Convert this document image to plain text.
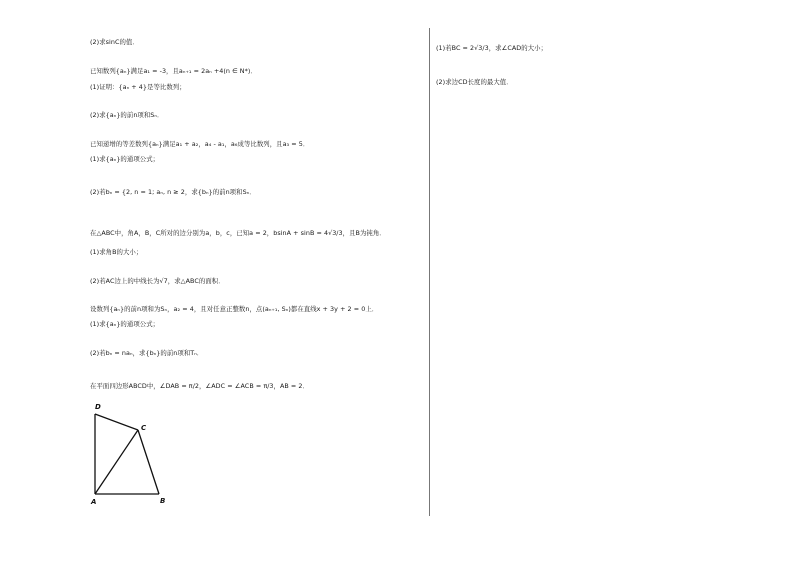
(2)求sinC的值．
已知数列{aₙ}满足a₁ = -3，且aₙ₊₁ = 2aₙ +4(n ∈ N*)．
(1)证明：{aₙ + 4}是等比数列；
(2)求{aₙ}的前n项和Sₙ．
已知递增的等差数列{aₙ}满足a₁ + a₂，a₄ - a₁，a₆成等比数列，且a₃ = 5．
(1)求{aₙ}的通项公式；
(2)若bₙ = {2, n = 1; aₙ, n ≥ 2，求{bₙ}的前n项和Sₙ．
在△ABC中，角A，B，C所对的边分别为a，b，c，已知a = 2，bsinA + sinB = 4√3/3，且B为钝角．
(1)求角B的大小；
(2)若AC边上的中线长为√7，求△ABC的面积．
设数列{aₙ}的前n项和为Sₙ，a₂ = 4，且对任意正整数n，点(aₙ₊₁, Sₙ)都在直线x + 3y + 2 = 0上．
(1)求{aₙ}的通项公式；
(2)若bₙ = naₙ，求{bₙ}的前n项和Tₙ．
在平面四边形ABCD中，∠DAB = π/2，∠ADC = ∠ACB = π/3，AB = 2．
D
C
A	B
(1)若BC = 2√3/3，求∠CAD的大小；
(2)求边CD长度的最大值．
